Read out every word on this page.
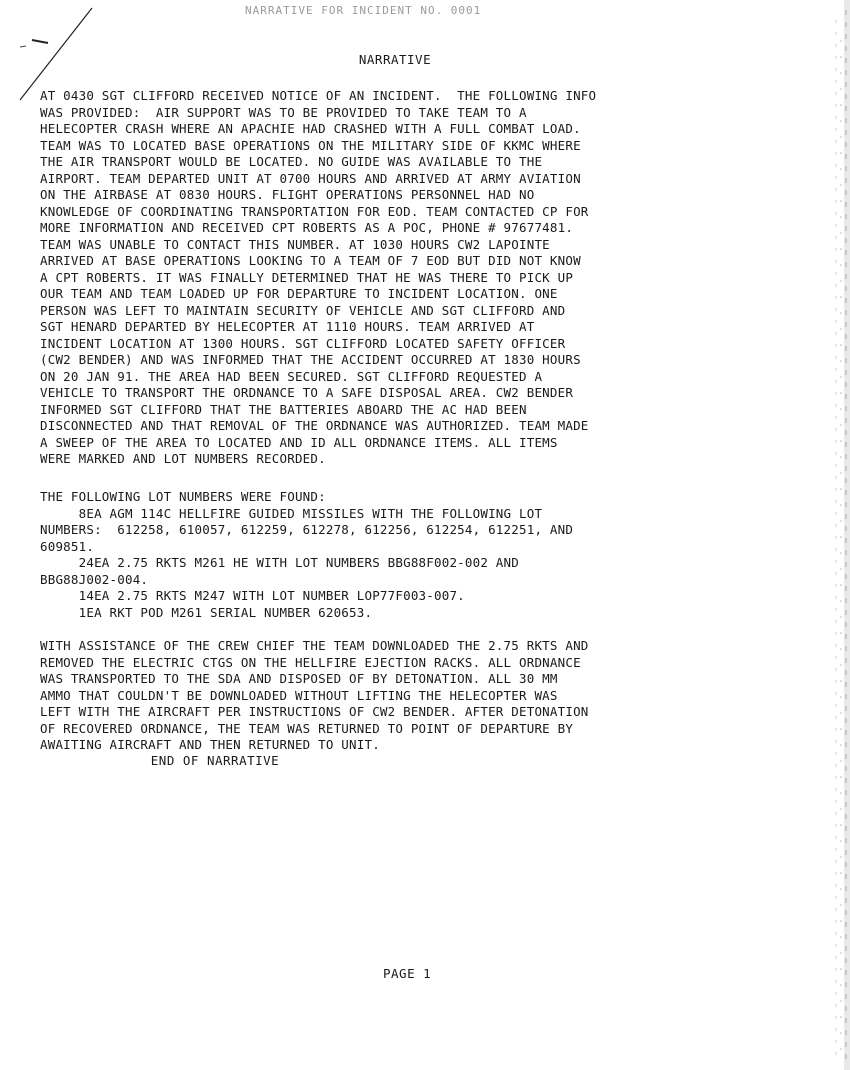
NARRATIVE FOR INCIDENT NO. 0001
NARRATIVE
AT 0430 SGT CLIFFORD RECEIVED NOTICE OF AN INCIDENT.  THE FOLLOWING INFO
WAS PROVIDED:  AIR SUPPORT WAS TO BE PROVIDED TO TAKE TEAM TO A
HELECOPTER CRASH WHERE AN APACHIE HAD CRASHED WITH A FULL COMBAT LOAD.
TEAM WAS TO LOCATED BASE OPERATIONS ON THE MILITARY SIDE OF KKMC WHERE
THE AIR TRANSPORT WOULD BE LOCATED. NO GUIDE WAS AVAILABLE TO THE
AIRPORT. TEAM DEPARTED UNIT AT 0700 HOURS AND ARRIVED AT ARMY AVIATION
ON THE AIRBASE AT 0830 HOURS. FLIGHT OPERATIONS PERSONNEL HAD NO
KNOWLEDGE OF COORDINATING TRANSPORTATION FOR EOD. TEAM CONTACTED CP FOR
MORE INFORMATION AND RECEIVED CPT ROBERTS AS A POC, PHONE # 97677481.
TEAM WAS UNABLE TO CONTACT THIS NUMBER. AT 1030 HOURS CW2 LAPOINTE
ARRIVED AT BASE OPERATIONS LOOKING TO A TEAM OF 7 EOD BUT DID NOT KNOW
A CPT ROBERTS. IT WAS FINALLY DETERMINED THAT HE WAS THERE TO PICK UP
OUR TEAM AND TEAM LOADED UP FOR DEPARTURE TO INCIDENT LOCATION. ONE
PERSON WAS LEFT TO MAINTAIN SECURITY OF VEHICLE AND SGT CLIFFORD AND
SGT HENARD DEPARTED BY HELECOPTER AT 1110 HOURS. TEAM ARRIVED AT
INCIDENT LOCATION AT 1300 HOURS. SGT CLIFFORD LOCATED SAFETY OFFICER
(CW2 BENDER) AND WAS INFORMED THAT THE ACCIDENT OCCURRED AT 1830 HOURS
ON 20 JAN 91. THE AREA HAD BEEN SECURED. SGT CLIFFORD REQUESTED A
VEHICLE TO TRANSPORT THE ORDNANCE TO A SAFE DISPOSAL AREA. CW2 BENDER
INFORMED SGT CLIFFORD THAT THE BATTERIES ABOARD THE AC HAD BEEN
DISCONNECTED AND THAT REMOVAL OF THE ORDNANCE WAS AUTHORIZED. TEAM MADE
A SWEEP OF THE AREA TO LOCATED AND ID ALL ORDNANCE ITEMS. ALL ITEMS
WERE MARKED AND LOT NUMBERS RECORDED.
THE FOLLOWING LOT NUMBERS WERE FOUND:
8EA AGM 114C HELLFIRE GUIDED MISSILES WITH THE FOLLOWING LOT
NUMBERS:  612258, 610057, 612259, 612278, 612256, 612254, 612251, AND
609851.
24EA 2.75 RKTS M261 HE WITH LOT NUMBERS BBG88F002-002 AND
BBG88J002-004.
14EA 2.75 RKTS M247 WITH LOT NUMBER LOP77F003-007.
1EA RKT POD M261 SERIAL NUMBER 620653.
WITH ASSISTANCE OF THE CREW CHIEF THE TEAM DOWNLOADED THE 2.75 RKTS AND
REMOVED THE ELECTRIC CTGS ON THE HELLFIRE EJECTION RACKS. ALL ORDNANCE
WAS TRANSPORTED TO THE SDA AND DISPOSED OF BY DETONATION. ALL 30 MM
AMMO THAT COULDN'T BE DOWNLOADED WITHOUT LIFTING THE HELECOPTER WAS
LEFT WITH THE AIRCRAFT PER INSTRUCTIONS OF CW2 BENDER. AFTER DETONATION
OF RECOVERED ORDNANCE, THE TEAM WAS RETURNED TO POINT OF DEPARTURE BY
AWAITING AIRCRAFT AND THEN RETURNED TO UNIT.
END OF NARRATIVE
PAGE 1
